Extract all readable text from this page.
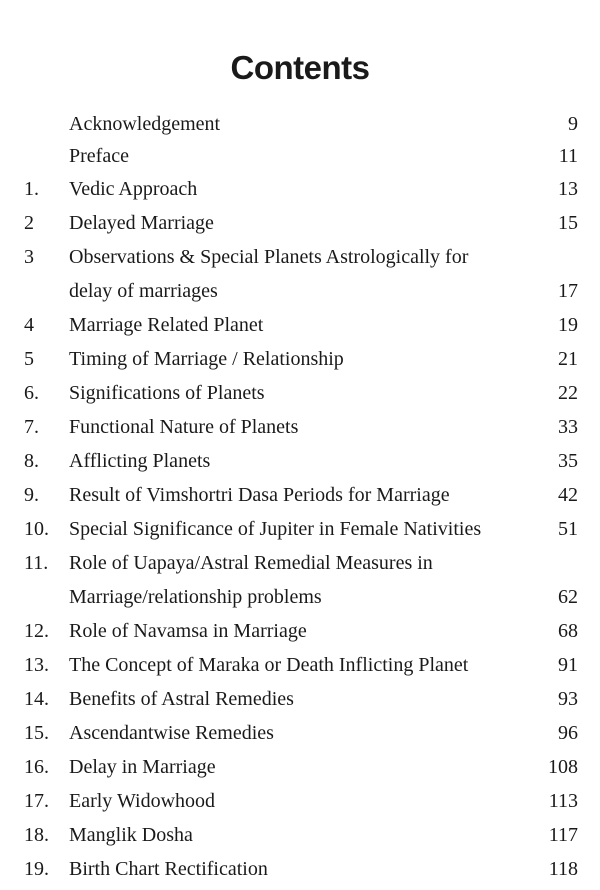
Contents
Acknowledgement	9
Preface	11
1. Vedic Approach	13
2 Delayed Marriage	15
3 Observations & Special Planets Astrologically for
delay of marriages	17
4 Marriage Related Planet	19
5 Timing of Marriage / Relationship	21
6. Significations of Planets	22
7. Functional Nature of Planets	33
8. Afflicting Planets	35
9. Result of Vimshortri Dasa Periods for Marriage	42
10. Special Significance of Jupiter in Female Nativities	51
11. Role of Uapaya/Astral Remedial Measures in
Marriage/relationship problems	62
12. Role of Navamsa in Marriage	68
13. The Concept of Maraka or Death Inflicting Planet	91
14. Benefits of Astral Remedies	93
15. Ascendantwise Remedies	96
16. Delay in Marriage	108
17. Early Widowhood	113
18. Manglik Dosha	117
19. Birth Chart Rectification	118
